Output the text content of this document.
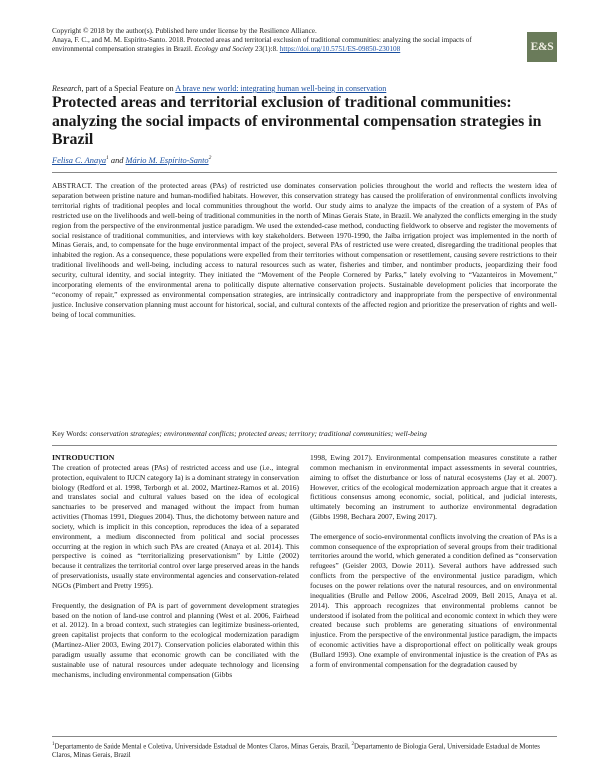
Copyright © 2018 by the author(s). Published here under license by the Resilience Alliance.
Anaya, F. C., and M. M. Espírito-Santo. 2018. Protected areas and territorial exclusion of traditional communities: analyzing the social impacts of environmental compensation strategies in Brazil. Ecology and Society 23(1):8. https://doi.org/10.5751/ES-09850-230108	E&S
Research, part of a Special Feature on A brave new world: integrating human well-being in conservation
Protected areas and territorial exclusion of traditional communities: analyzing the social impacts of environmental compensation strategies in Brazil
Felisa C. Anaya$^1$ and Mário M. Espírito-Santo$^2$

ABSTRACT. The creation of the protected areas (PAs) of restricted use dominates conservation policies throughout the world and reflects the western idea of separation between pristine nature and human-modified habitats. However, this conservation strategy has caused the proliferation of environmental conflicts involving territorial rights of traditional peoples and local communities throughout the world. Our study aims to analyze the impacts of the creation of a system of PAs of restricted use on the livelihoods and well-being of traditional communities in the north of Minas Gerais State, in Brazil. We analyzed the conflicts emerging in the study region from the perspective of the environmental justice paradigm. We used the extended-case method, conducting fieldwork to observe and register the movements of social resistance of traditional communities, and interviews with key stakeholders. Between 1970-1990, the Jaíba irrigation project was implemented in the north of Minas Gerais, and, to compensate for the huge environmental impact of the project, several PAs of restricted use were created, disregarding the traditional peoples that inhabited the region. As a consequence, these populations were expelled from their territories without compensation or resettlement, causing severe restrictions to their traditional livelihoods and well-being, including access to natural resources such as water, fisheries and timber, and nontimber products, jeopardizing their food security, cultural identity, and social integrity. They initiated the “Movement of the People Cornered by Parks,” lately evolving to “Vazanteiros in Movement,” incorporating elements of the environmental arena to politically dispute alternative conservation projects. Sustainable development policies that incorporate the “economy of repair,” expressed as environmental compensation strategies, are intrinsically contradictory and inappropriate from the perspective of environmental justice. Inclusive conservation planning must account for historical, social, and cultural contexts of the affected region and prioritize the preservation of rights and well-being of local communities.

Key Words: conservation strategies; environmental conflicts; protected areas; territory; traditional communities; well-being

INTRODUCTION

The creation of protected areas (PAs) of restricted access and use (i.e., integral protection, equivalent to IUCN category Ia) is a dominant strategy in conservation biology (Redford et al. 1998, Terborgh et al. 2002, Martinez-Ramos et al. 2016) and translates social and cultural values based on the idea of ecological sanctuaries to be preserved and managed without the impact from human activities (Thomas 1991, Diegues 2004). Thus, the dichotomy between nature and society, which is implicit in this conception, reproduces the idea of a separated environment, a medium disconnected from political and social processes occurring at the region in which such PAs are created (Anaya et al. 2014). This perspective is coined as “territorializing preservationism” by Little (2002) because it centralizes the territorial control over large preserved areas in the hands of preservationists, usually state environmental agencies and conservation-related NGOs (Pimbert and Pretty 1995).

Frequently, the designation of PA is part of government development strategies based on the notion of land-use control and planning (West et al. 2006, Fairhead et al. 2012). In a broad context, such strategies can legitimize business-oriented, green capitalist projects that conform to the ecological modernization paradigm (Martinez-Alier 2003, Ewing 2017). Conservation policies elaborated within this paradigm usually assume that economic growth can be conciliated with the sustainable use of natural resources under adequate technology and licensing mechanisms, including environmental compensation (Gibbs

1998, Ewing 2017). Environmental compensation measures constitute a rather common mechanism in environmental impact assessments in several countries, aiming to offset the disturbance or loss of natural ecosystems (Jay et al. 2007). However, critics of the ecological modernization approach argue that it creates a fictitious consensus among economic, social, political, and judicial interests, ultimately becoming an instrument to authorize environmental degradation (Gibbs 1998, Bechara 2007, Ewing 2017).

The emergence of socio-environmental conflicts involving the creation of PAs is a common consequence of the expropriation of several groups from their traditional territories around the world, which generated a condition defined as “conservation refugees” (Geisler 2003, Dowie 2011). Several authors have addressed such conflicts from the perspective of the environmental justice paradigm, which focuses on the power relations over the natural resources, and on environmental inequalities (Brulle and Pellow 2006, Ascelrad 2009, Bell 2015, Anaya et al. 2014). This approach recognizes that environmental problems cannot be understood if isolated from the political and economic context in which they were created because such problems are generating situations of environmental injustice. From the perspective of the environmental justice paradigm, the impacts of economic activities have a disproportional effect on politically weak groups (Bullard 1993). One example of environmental injustice is the creation of PAs as a form of environmental compensation for the degradation caused by

$^1$Departamento de Saúde Mental e Coletiva, Universidade Estadual de Montes Claros, Minas Gerais, Brazil, $^2$Departamento de Biologia Geral, Universidade Estadual de Montes Claros, Minas Gerais, Brazil
